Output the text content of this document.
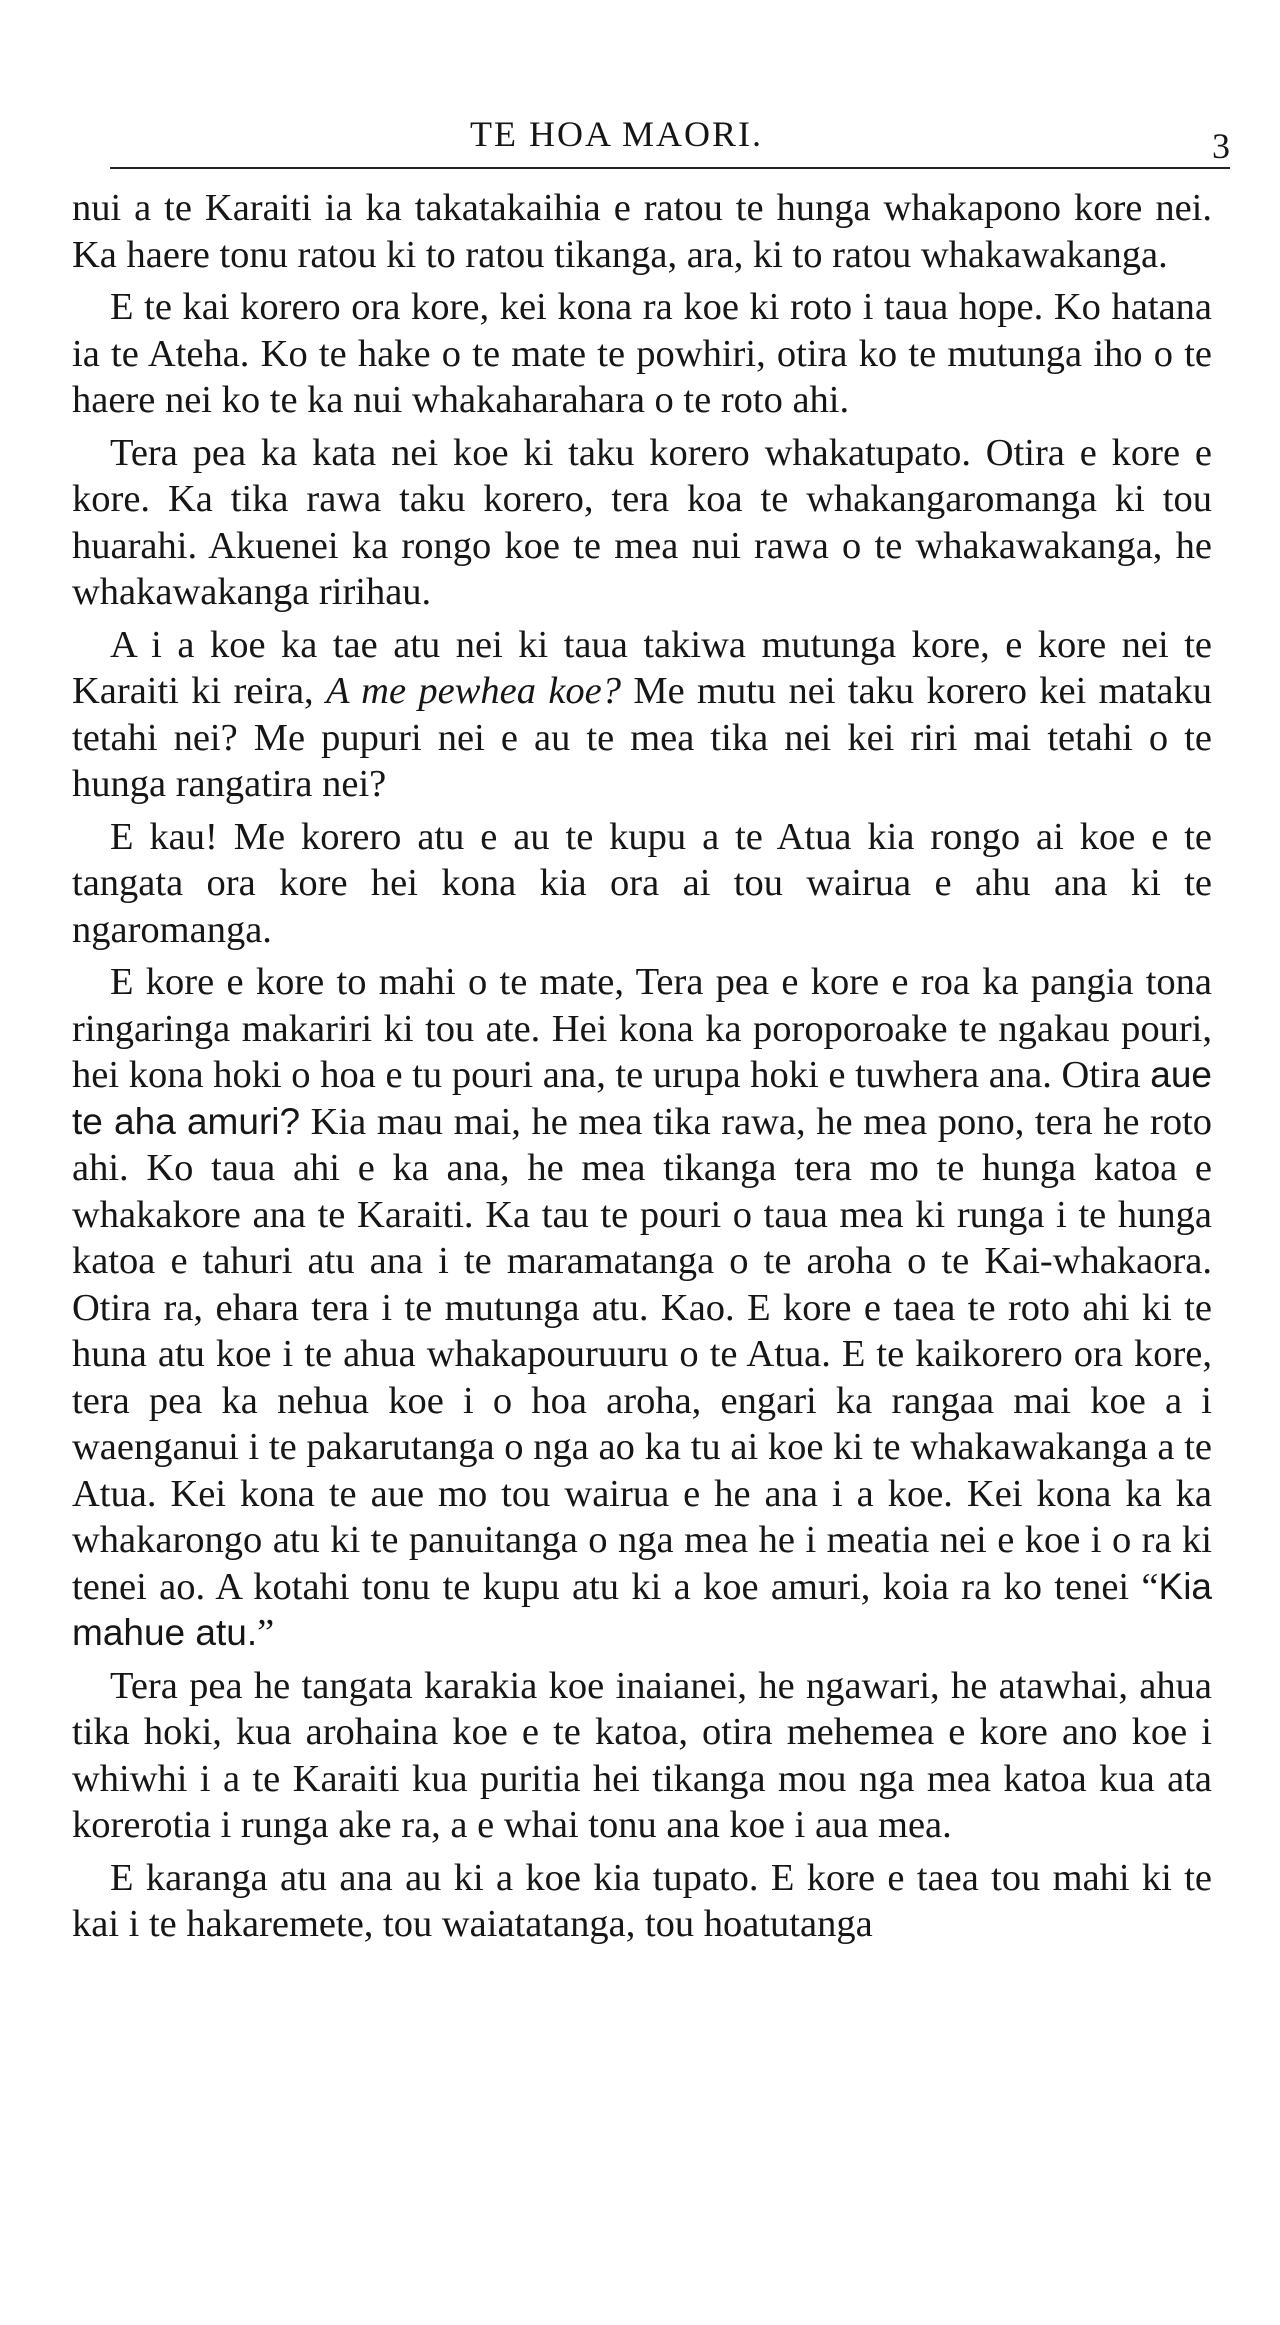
TE HOA MAORI.	3

nui a te Karaiti ia ka takatakaihia e ratou te hunga whakapono kore nei. Ka haere tonu ratou ki to ratou tikanga, ara, ki to ratou whakawakanga.

E te kai korero ora kore, kei kona ra koe ki roto i taua hope. Ko hatana ia te Ateha. Ko te hake o te mate te powhiri, otira ko te mutunga iho o te haere nei ko te ka nui whakaharahara o te roto ahi.

Tera pea ka kata nei koe ki taku korero whakatupato. Otira e kore e kore. Ka tika rawa taku korero, tera koa te whakangaromanga ki tou huarahi. Akuenei ka rongo koe te mea nui rawa o te whakawakanga, he whakawakanga ririhau.

A i a koe ka tae atu nei ki taua takiwa mutunga kore, e kore nei te Karaiti ki reira, A me pewhea koe? Me mutu nei taku korero kei mataku tetahi nei? Me pupuri nei e au te mea tika nei kei riri mai tetahi o te hunga rangatira nei?

E kau! Me korero atu e au te kupu a te Atua kia rongo ai koe e te tangata ora kore hei kona kia ora ai tou wairua e ahu ana ki te ngaromanga.

E kore e kore to mahi o te mate, Tera pea e kore e roa ka pangia tona ringaringa makariri ki tou ate. Hei kona ka poroporoake te ngakau pouri, hei kona hoki o hoa e tu pouri ana, te urupa hoki e tuwhera ana. Otira aue te aha amuri? Kia mau mai, he mea tika rawa, he mea pono, tera he roto ahi. Ko taua ahi e ka ana, he mea tikanga tera mo te hunga katoa e whakakore ana te Karaiti. Ka tau te pouri o taua mea ki runga i te hunga katoa e tahuri atu ana i te maramatanga o te aroha o te Kai-whakaora. Otira ra, ehara tera i te mutunga atu. Kao. E kore e taea te roto ahi ki te huna atu koe i te ahua whakapouruuru o te Atua. E te kaikorero ora kore, tera pea ka nehua koe i o hoa aroha, engari ka rangaa mai koe a i waenganui i te pakarutanga o nga ao ka tu ai koe ki te whakawakanga a te Atua. Kei kona te aue mo tou wairua e he ana i a koe. Kei kona ka ka whakarongo atu ki te panuitanga o nga mea he i meatia nei e koe i o ra ki tenei ao. A kotahi tonu te kupu atu ki a koe amuri, koia ra ko tenei “Kia mahue atu.”

Tera pea he tangata karakia koe inaianei, he ngawari, he atawhai, ahua tika hoki, kua arohaina koe e te katoa, otira mehemea e kore ano koe i whiwhi i a te Karaiti kua puritia hei tikanga mou nga mea katoa kua ata korerotia i runga ake ra, a e whai tonu ana koe i aua mea.

E karanga atu ana au ki a koe kia tupato. E kore e taea tou mahi ki te kai i te hakaremete, tou waiatatanga, tou hoatutanga
